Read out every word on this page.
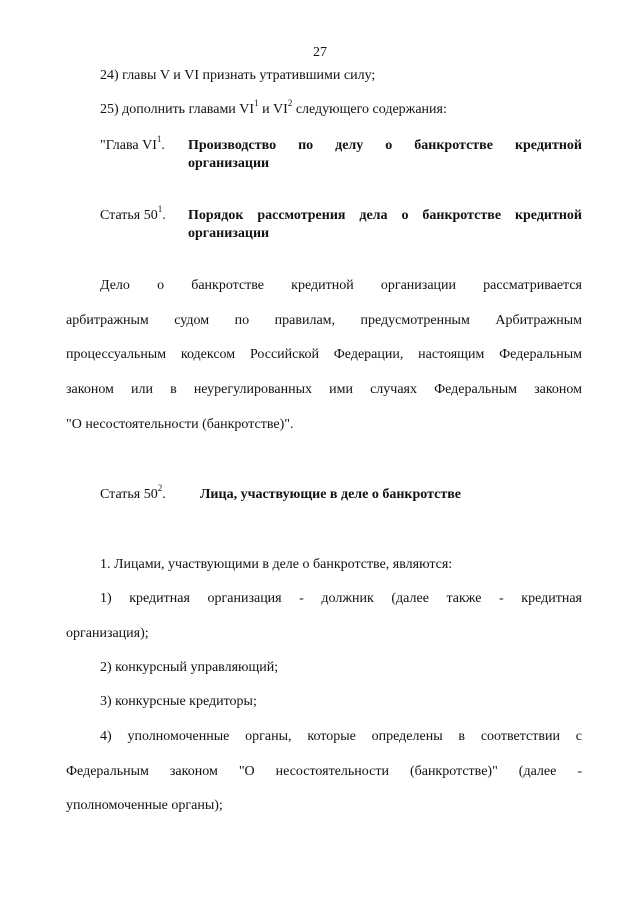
27
24) главы V и VI признать утратившими силу;
25) дополнить главами $VI^1$ и $VI^2$ следующего содержания:
"Глава $VI^1$. Производство по делу о банкротстве кредитной
организации
Статья $50^1$. Порядок рассмотрения дела о банкротстве кредитной
организации
Дело о банкротстве кредитной организации рассматривается
арбитражным судом по правилам, предусмотренным Арбитражным
процессуальным кодексом Российской Федерации, настоящим Федеральным
законом или в неурегулированных ими случаях Федеральным законом
"О несостоятельности (банкротстве)".
Статья $50^2$. Лица, участвующие в деле о банкротстве
1. Лицами, участвующими в деле о банкротстве, являются:
1) кредитная организация - должник (далее также - кредитная
организация);
2) конкурсный управляющий;
3) конкурсные кредиторы;
4) уполномоченные органы, которые определены в соответствии с
Федеральным законом "О несостоятельности (банкротстве)" (далее -
уполномоченные органы);
